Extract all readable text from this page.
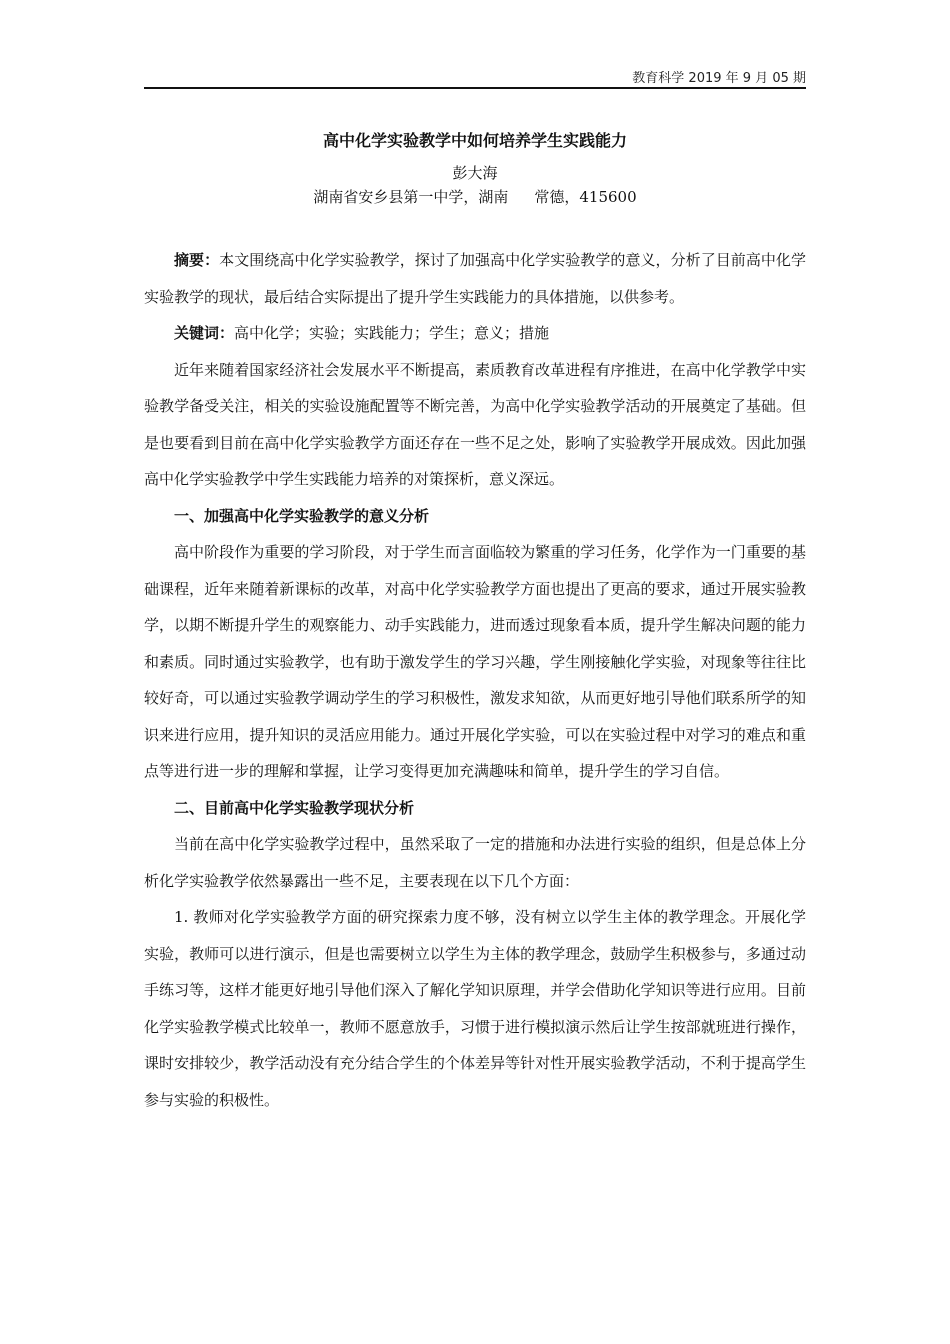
教育科学 2019 年 9 月 05 期
高中化学实验教学中如何培养学生实践能力
彭大海
湖南省安乡县第一中学，湖南 常德，415600

摘要：本文围绕高中化学实验教学，探讨了加强高中化学实验教学的意义，分析了目前高中化学实验教学的现状，最后结合实际提出了提升学生实践能力的具体措施，以供参考。

关键词：高中化学；实验；实践能力；学生；意义；措施

近年来随着国家经济社会发展水平不断提高，素质教育改革进程有序推进，在高中化学教学中实验教学备受关注，相关的实验设施配置等不断完善，为高中化学实验教学活动的开展奠定了基础。但是也要看到目前在高中化学实验教学方面还存在一些不足之处，影响了实验教学开展成效。因此加强高中化学实验教学中学生实践能力培养的对策探析，意义深远。

一、加强高中化学实验教学的意义分析

高中阶段作为重要的学习阶段，对于学生而言面临较为繁重的学习任务，化学作为一门重要的基础课程，近年来随着新课标的改革，对高中化学实验教学方面也提出了更高的要求，通过开展实验教学，以期不断提升学生的观察能力、动手实践能力，进而透过现象看本质，提升学生解决问题的能力和素质。同时通过实验教学，也有助于激发学生的学习兴趣，学生刚接触化学实验，对现象等往往比较好奇，可以通过实验教学调动学生的学习积极性，激发求知欲，从而更好地引导他们联系所学的知识来进行应用，提升知识的灵活应用能力。通过开展化学实验，可以在实验过程中对学习的难点和重点等进行进一步的理解和掌握，让学习变得更加充满趣味和简单，提升学生的学习自信。

二、目前高中化学实验教学现状分析

当前在高中化学实验教学过程中，虽然采取了一定的措施和办法进行实验的组织，但是总体上分析化学实验教学依然暴露出一些不足，主要表现在以下几个方面：

1. 教师对化学实验教学方面的研究探索力度不够，没有树立以学生主体的教学理念。开展化学实验，教师可以进行演示，但是也需要树立以学生为主体的教学理念，鼓励学生积极参与，多通过动手练习等，这样才能更好地引导他们深入了解化学知识原理，并学会借助化学知识等进行应用。目前化学实验教学模式比较单一，教师不愿意放手，习惯于进行模拟演示然后让学生按部就班进行操作，课时安排较少，教学活动没有充分结合学生的个体差异等针对性开展实验教学活动，不利于提高学生参与实验的积极性。
